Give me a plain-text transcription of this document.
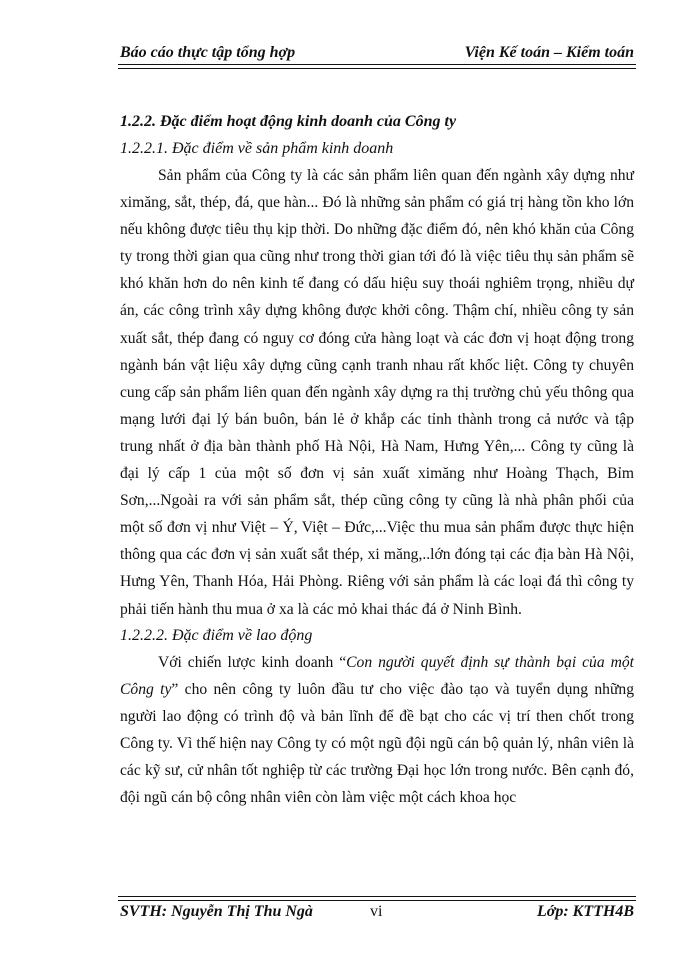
Báo cáo thực tập tổng hợp	Viện Kế toán – Kiểm toán

1.2.2. Đặc điểm hoạt động kinh doanh của Công ty

1.2.2.1. Đặc điểm về sản phẩm kinh doanh

Sản phẩm của Công ty là các sản phẩm liên quan đến ngành xây dựng như ximăng, sắt, thép, đá, que hàn... Đó là những sản phẩm có giá trị hàng tồn kho lớn nếu không được tiêu thụ kịp thời. Do những đặc điểm đó, nên khó khăn của Công ty trong thời gian qua cũng như trong thời gian tới đó là việc tiêu thụ sản phẩm sẽ khó khăn hơn do nên kinh tế đang có dấu hiệu suy thoái nghiêm trọng, nhiều dự án, các công trình xây dựng không được khởi công. Thậm chí, nhiều công ty sản xuất sắt, thép đang có nguy cơ đóng cửa hàng loạt và các đơn vị hoạt động trong ngành bán vật liệu xây dựng cũng cạnh tranh nhau rất khốc liệt. Công ty chuyên cung cấp sản phẩm liên quan đến ngành xây dựng ra thị trường chủ yếu thông qua mạng lưới đại lý bán buôn, bán lẻ ở khắp các tỉnh thành trong cả nước và tập trung nhất ở địa bàn thành phố Hà Nội, Hà Nam, Hưng Yên,... Công ty cũng là đại lý cấp 1 của một số đơn vị sản xuất ximăng như Hoàng Thạch, Bỉm Sơn,...Ngoài ra với sản phẩm sắt, thép cũng công ty cũng là nhà phân phối của một số đơn vị như Việt – Ý, Việt – Đức,...Việc thu mua sản phẩm được thực hiện thông qua các đơn vị sản xuất sắt thép, xi măng,..lớn đóng tại các địa bàn Hà Nội, Hưng Yên, Thanh Hóa, Hải Phòng. Riêng với sản phẩm là các loại đá thì công ty phải tiến hành thu mua ở xa là các mỏ khai thác đá ở Ninh Bình.

1.2.2.2. Đặc điểm về lao động

Với chiến lược kinh doanh “Con người quyết định sự thành bại của một Công ty” cho nên công ty luôn đầu tư cho việc đào tạo và tuyển dụng những người lao động có trình độ và bản lĩnh để đề bạt cho các vị trí then chốt trong Công ty. Vì thế hiện nay Công ty có một ngũ đội ngũ cán bộ quản lý, nhân viên là các kỹ sư, cử nhân tốt nghiệp từ các trường Đại học lớn trong nước. Bên cạnh đó, đội ngũ cán bộ công nhân viên còn làm việc một cách khoa học

SVTH: Nguyễn Thị Thu Ngà	vi	Lớp: KTTH4B
